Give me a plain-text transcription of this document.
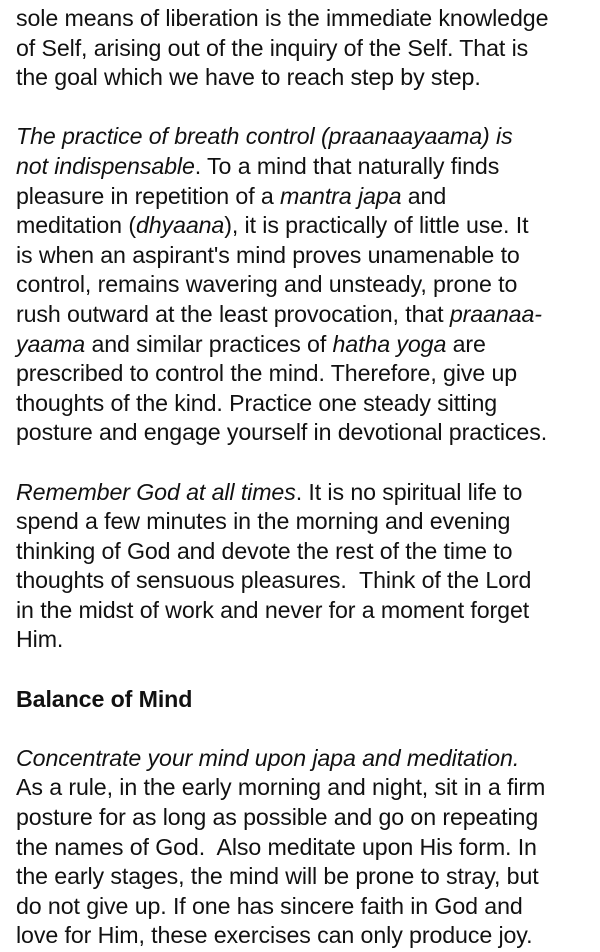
sole means of liberation is the immediate knowledge
of Self, arising out of the inquiry of the Self. That is
the goal which we have to reach step by step.
The practice of breath control (praanaayaama) is
not indispensable. To a mind that naturally finds
pleasure in repetition of a mantra japa and
meditation (dhyaana), it is practically of little use. It
is when an aspirant's mind proves unamenable to
control, remains wavering and unsteady, prone to
rush outward at the least provocation, that praanaa-
yaama and similar practices of hatha yoga are
prescribed to control the mind. Therefore, give up
thoughts of the kind. Practice one steady sitting
posture and engage yourself in devotional practices.
Remember God at all times. It is no spiritual life to
spend a few minutes in the morning and evening
thinking of God and devote the rest of the time to
thoughts of sensuous pleasures.  Think of the Lord
in the midst of work and never for a moment forget
Him.
Balance of Mind
Concentrate your mind upon japa and meditation.
As a rule, in the early morning and night, sit in a firm
posture for as long as possible and go on repeating
the names of God.  Also meditate upon His form. In
the early stages, the mind will be prone to stray, but
do not give up. If one has sincere faith in God and
love for Him, these exercises can only produce joy.
